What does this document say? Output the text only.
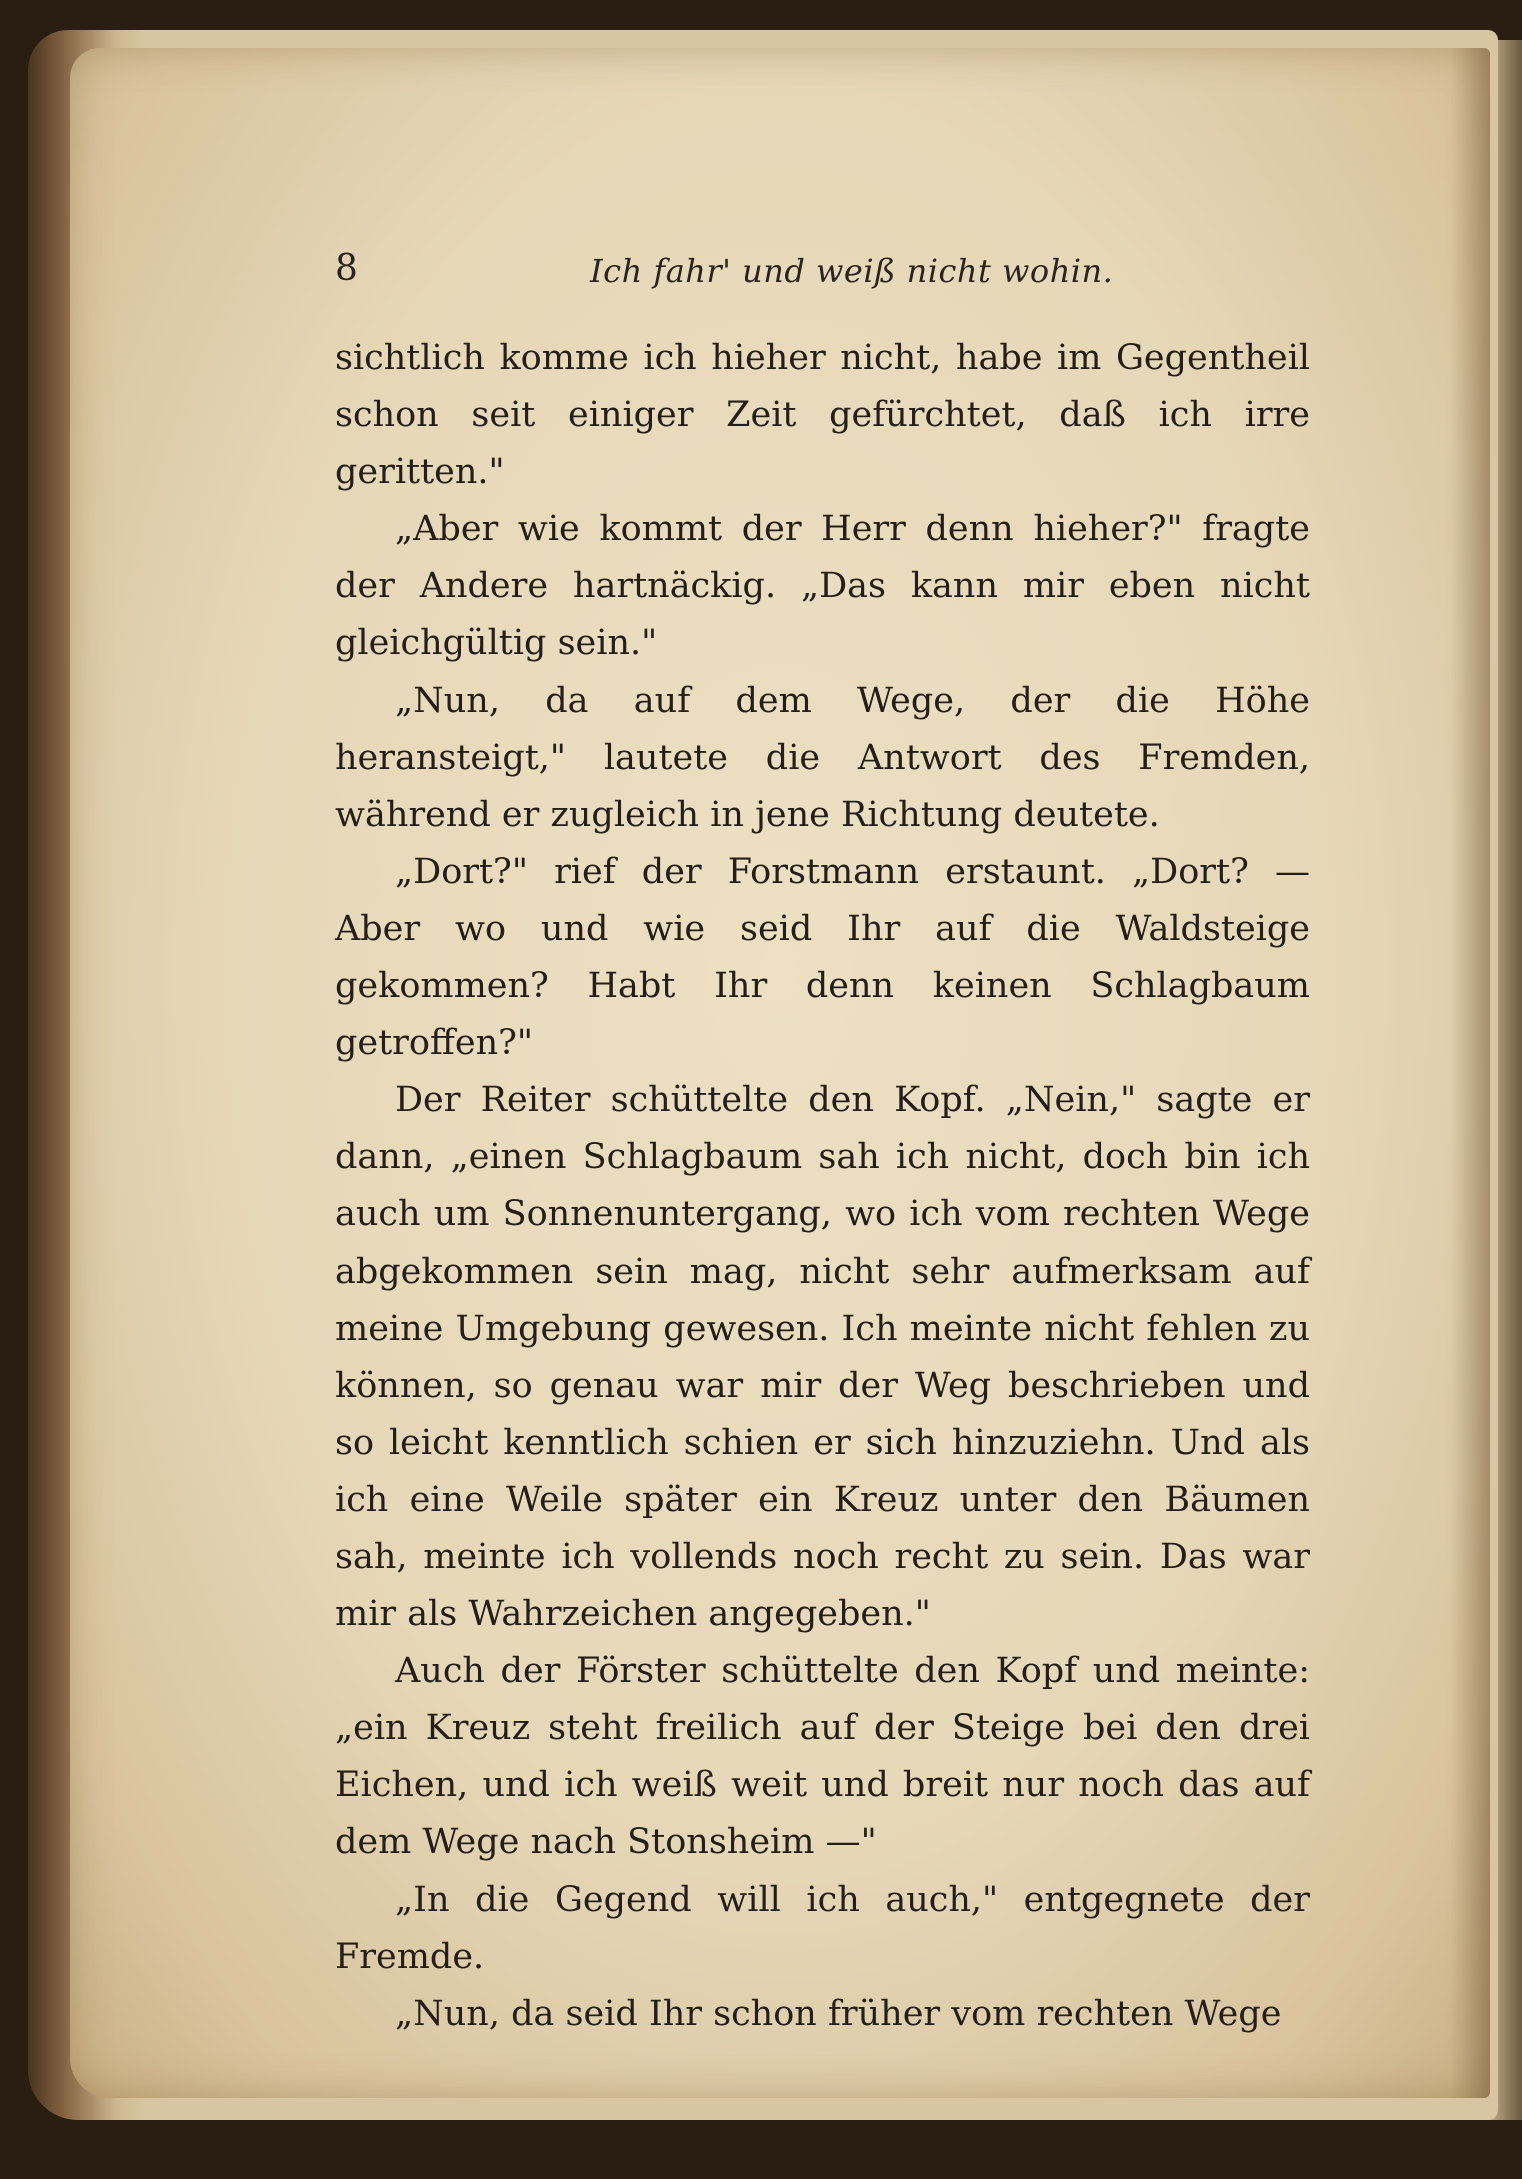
8	Ich fahr' und weiß nicht wohin.

sichtlich komme ich hieher nicht, habe im Gegentheil schon seit einiger Zeit gefürchtet, daß ich irre geritten."

„Aber wie kommt der Herr denn hieher?" fragte der Andere hartnäckig. „Das kann mir eben nicht gleichgültig sein."

„Nun, da auf dem Wege, der die Höhe heransteigt," lautete die Antwort des Fremden, während er zugleich in jene Richtung deutete.

„Dort?" rief der Forstmann erstaunt. „Dort? — Aber wo und wie seid Ihr auf die Waldsteige gekommen? Habt Ihr denn keinen Schlagbaum getroffen?"

Der Reiter schüttelte den Kopf. „Nein," sagte er dann, „einen Schlagbaum sah ich nicht, doch bin ich auch um Sonnenuntergang, wo ich vom rechten Wege abgekommen sein mag, nicht sehr aufmerksam auf meine Umgebung gewesen. Ich meinte nicht fehlen zu können, so genau war mir der Weg beschrieben und so leicht kenntlich schien er sich hinzuziehn. Und als ich eine Weile später ein Kreuz unter den Bäumen sah, meinte ich vollends noch recht zu sein. Das war mir als Wahrzeichen angegeben."

Auch der Förster schüttelte den Kopf und meinte: „ein Kreuz steht freilich auf der Steige bei den drei Eichen, und ich weiß weit und breit nur noch das auf dem Wege nach Stonsheim —"

„In die Gegend will ich auch," entgegnete der Fremde.

„Nun, da seid Ihr schon früher vom rechten Wege
